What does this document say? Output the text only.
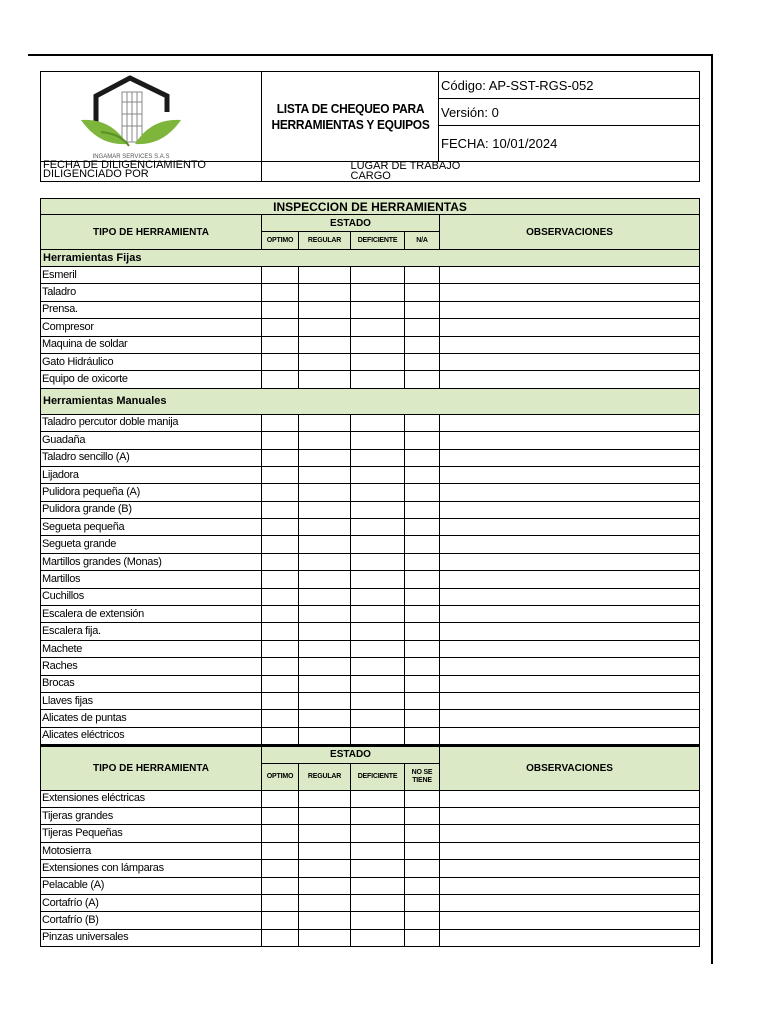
INGAMAR SERVICES S.A.S

LISTA DE CHEQUEO PARA
HERRAMIENTAS Y EQUIPOS
	Código: AP-SST-RGS-052
Versión: 0
FECHA: 10/01/2024
FECHA DE DILIGENCIAMIENTO
DILIGENCIADO POR

LUGAR DE TRABAJO
CARGO
INSPECCION DE HERRAMIENTAS					
TIPO DE HERRAMIENTA	ESTADO				OBSERVACIONES
	OPTIMO	REGULAR	DEFICIENTE	N/A	
Herramientas Fijas					
Esmeril					
Taladro					
Prensa.					
Compresor					
Maquina de soldar					
Gato Hidráulico					
Equipo de oxicorte					
Herramientas Manuales					
Taladro percutor doble manija					
Guadaña					
Taladro sencillo (A)					
Lijadora					
Pulidora pequeña (A)					
Pulidora grande (B)					
Segueta pequeña					
Segueta grande					
Martillos grandes (Monas)					
Martillos					
Cuchillos					
Escalera de extensión					
Escalera fija.					
Machete					
Raches					
Brocas					
Llaves fijas					
Alicates de puntas					
Alicates eléctricos					
TIPO DE HERRAMIENTA	ESTADO				OBSERVACIONES
	OPTIMO	REGULAR	DEFICIENTE	NO SE
TIENE	

Extensiones eléctricas					
Tijeras grandes					
Tijeras Pequeñas					
Motosierra					
Extensiones con lámparas					
Pelacable (A)					
Cortafrío (A)					
Cortafrío (B)					
Pinzas universales					
